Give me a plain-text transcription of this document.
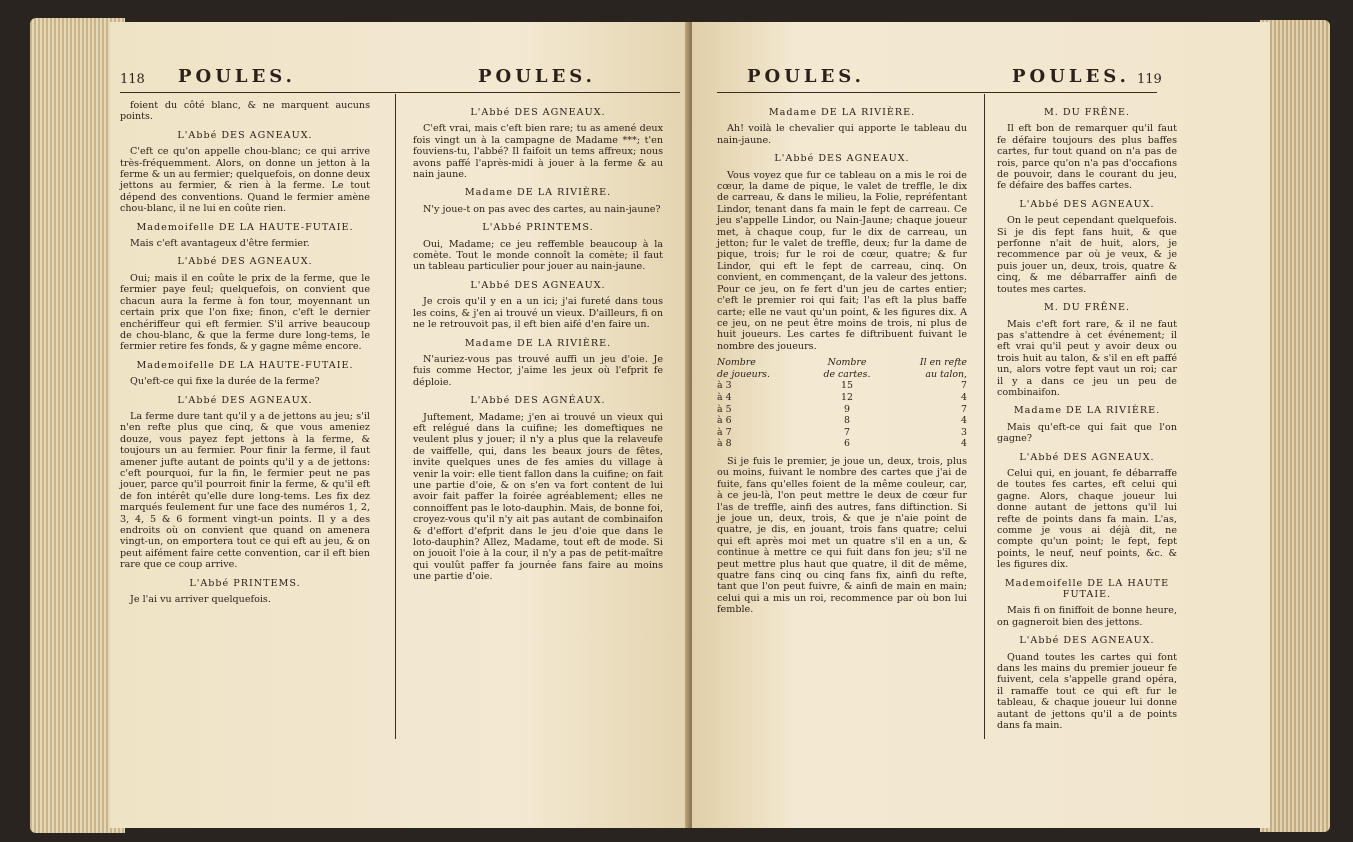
118 POULES.	POULES.

foient du côté blanc, & ne marquent aucuns points.

L'Abbé DES AGNEAUX.

C'eft ce qu'on appelle chou-blanc; ce qui arrive très-fréquemment. Alors, on donne un jetton à la ferme & un au fermier; quelquefois, on donne deux jettons au fermier, & rien à la ferme. Le tout dépend des conventions. Quand le fermier amène chou-blanc, il ne lui en coûte rien.

Mademoifelle DE LA HAUTE-FUTAIE.

Mais c'eft avantageux d'être fermier.

L'Abbé DES AGNEAUX.

Oui; mais il en coûte le prix de la ferme, que le fermier paye feul; quelquefois, on convient que chacun aura la ferme à fon tour, moyennant un certain prix que l'on fixe; finon, c'eft le dernier enchériffeur qui eft fermier. S'il arrive beaucoup de chou-blanc, & que la ferme dure long-tems, le fermier retire fes fonds, & y gagne même encore.

Mademoifelle DE LA HAUTE-FUTAIE.

Qu'eft-ce qui fixe la durée de la ferme?

L'Abbé DES AGNEAUX.

La ferme dure tant qu'il y a de jettons au jeu; s'il n'en refte plus que cinq, & que vous ameniez douze, vous payez fept jettons à la ferme, & toujours un au fermier. Pour finir la ferme, il faut amener jufte autant de points qu'il y a de jettons: c'eft pourquoi, fur la fin, le fermier peut ne pas jouer, parce qu'il pourroit finir la ferme, & qu'il eft de fon intérêt qu'elle dure long-tems. Les fix dez marqués feulement fur une face des numéros 1, 2, 3, 4, 5 & 6 forment vingt-un points. Il y a des endroits où on convient que quand on amenera vingt-un, on emportera tout ce qui eft au jeu, & on peut aifément faire cette convention, car il eft bien rare que ce coup arrive.

L'Abbé PRINTEMS.

Je l'ai vu arriver quelquefois.

L'Abbé DES AGNEAUX.

C'eft vrai, mais c'eft bien rare; tu as amené deux fois vingt un à la campagne de Madame ***; t'en fouviens-tu, l'abbé? Il faifoit un tems affreux; nous avons paffé l'après-midi à jouer à la ferme & au nain jaune.

Madame DE LA RIVIÈRE.

N'y joue-t on pas avec des cartes, au nain-jaune?

L'Abbé PRINTEMS.

Oui, Madame; ce jeu reffemble beaucoup à la comète. Tout le monde connoît la comète; il faut un tableau particulier pour jouer au nain-jaune.

L'Abbé DES AGNEAUX.

Je crois qu'il y en a un ici; j'ai fureté dans tous les coins, & j'en ai trouvé un vieux. D'ailleurs, fi on ne le retrouvoit pas, il eft bien aifé d'en faire un.

Madame DE LA RIVIÈRE.

N'auriez-vous pas trouvé auffi un jeu d'oie. Je fuis comme Hector, j'aime les jeux où l'efprit fe déploie.

L'Abbé DES AGNÉAUX.

Juftement, Madame; j'en ai trouvé un vieux qui eft relégué dans la cuifine; les domeftiques ne veulent plus y jouer; il n'y a plus que la relaveufe de vaiffelle, qui, dans les beaux jours de fêtes, invite quelques unes de fes amies du village à venir la voir: elle tient fallon dans la cuifine; on fait une partie d'oie, & on s'en va fort content de lui avoir fait paffer la foirée agréablement; elles ne connoiffent pas le loto-dauphin. Mais, de bonne foi, croyez-vous qu'il n'y ait pas autant de combinaifon & d'effort d'efprit dans le jeu d'oie que dans le loto-dauphin? Allez, Madame, tout eft de mode. Si on jouoit l'oie à la cour, il n'y a pas de petit-maître qui voulût paffer fa journée fans faire au moins une partie d'oie.

POULES.	POULES. 119

Madame DE LA RIVIÈRE.

Ah! voilà le chevalier qui apporte le tableau du nain-jaune.

L'Abbé DES AGNEAUX.

Vous voyez que fur ce tableau on a mis le roi de cœur, la dame de pique, le valet de treffle, le dix de carreau, & dans le milieu, la Folie, repréfentant Lindor, tenant dans fa main le fept de carreau. Ce jeu s'appelle Lindor, ou Nain-Jaune; chaque joueur met, à chaque coup, fur le dix de carreau, un jetton; fur le valet de treffle, deux; fur la dame de pique, trois; fur le roi de cœur, quatre; & fur Lindor, qui eft le fept de carreau, cinq. On convient, en commençant, de la valeur des jettons. Pour ce jeu, on fe fert d'un jeu de cartes entier; c'eft le premier roi qui fait; l'as eft la plus baffe carte; elle ne vaut qu'un point, & les figures dix. A ce jeu, on ne peut être moins de trois, ni plus de huit joueurs. Les cartes fe diftribuent fuivant le nombre des joueurs.

Nombre	Nombre	Il en refte
de joueurs.	de cartes.	au talon,
à 3	15	7
à 4	12	4
à 5	9	7
à 6	8	4
à 7	7	3
à 8	6	4

Si je fuis le premier, je joue un, deux, trois, plus ou moins, fuivant le nombre des cartes que j'ai de fuite, fans qu'elles foient de la même couleur, car, à ce jeu-là, l'on peut mettre le deux de cœur fur l'as de treffle, ainfi des autres, fans diftinction. Si je joue un, deux, trois, & que je n'aie point de quatre, je dis, en jouant, trois fans quatre; celui qui eft après moi met un quatre s'il en a un, & continue à mettre ce qui fuit dans fon jeu; s'il ne peut mettre plus haut que quatre, il dit de même, quatre fans cinq ou cinq fans fix, ainfi du refte, tant que l'on peut fuivre, & ainfi de main en main; celui qui a mis un roi, recommence par où bon lui femble.

M. DU FRÊNE.

Il eft bon de remarquer qu'il faut fe défaire toujours des plus baffes cartes, fur tout quand on n'a pas de rois, parce qu'on n'a pas d'occafions de pouvoir, dans le courant du jeu, fe défaire des baffes cartes.

L'Abbé DES AGNEAUX.

On le peut cependant quelquefois. Si je dis fept fans huit, & que perfonne n'ait de huit, alors, je recommence par où je veux, & je puis jouer un, deux, trois, quatre & cinq, & me débarraffer ainfi de toutes mes cartes.

M. DU FRÊNE.

Mais c'eft fort rare, & il ne faut pas s'attendre à cet événement; il eft vrai qu'il peut y avoir deux ou trois huit au talon, & s'il en eft paffé un, alors votre fept vaut un roi; car il y a dans ce jeu un peu de combinaifon.

Madame DE LA RIVIÈRE.

Mais qu'eft-ce qui fait que l'on gagne?

L'Abbé DES AGNEAUX.

Celui qui, en jouant, fe débarraffe de toutes fes cartes, eft celui qui gagne. Alors, chaque joueur lui donne autant de jettons qu'il lui refte de points dans fa main. L'as, comme je vous ai déjà dit, ne compte qu'un point; le fept, fept points, le neuf, neuf points, &c. & les figures dix.

Mademoifelle DE LA HAUTE FUTAIE.

Mais fi on finiffoit de bonne heure, on gagneroit bien des jettons.

L'Abbé DES AGNEAUX.

Quand toutes les cartes qui font dans les mains du premier joueur fe fuivent, cela s'appelle grand opéra, il ramaffe tout ce qui eft fur le tableau, & chaque joueur lui donne autant de jettons qu'il a de points dans fa main.
